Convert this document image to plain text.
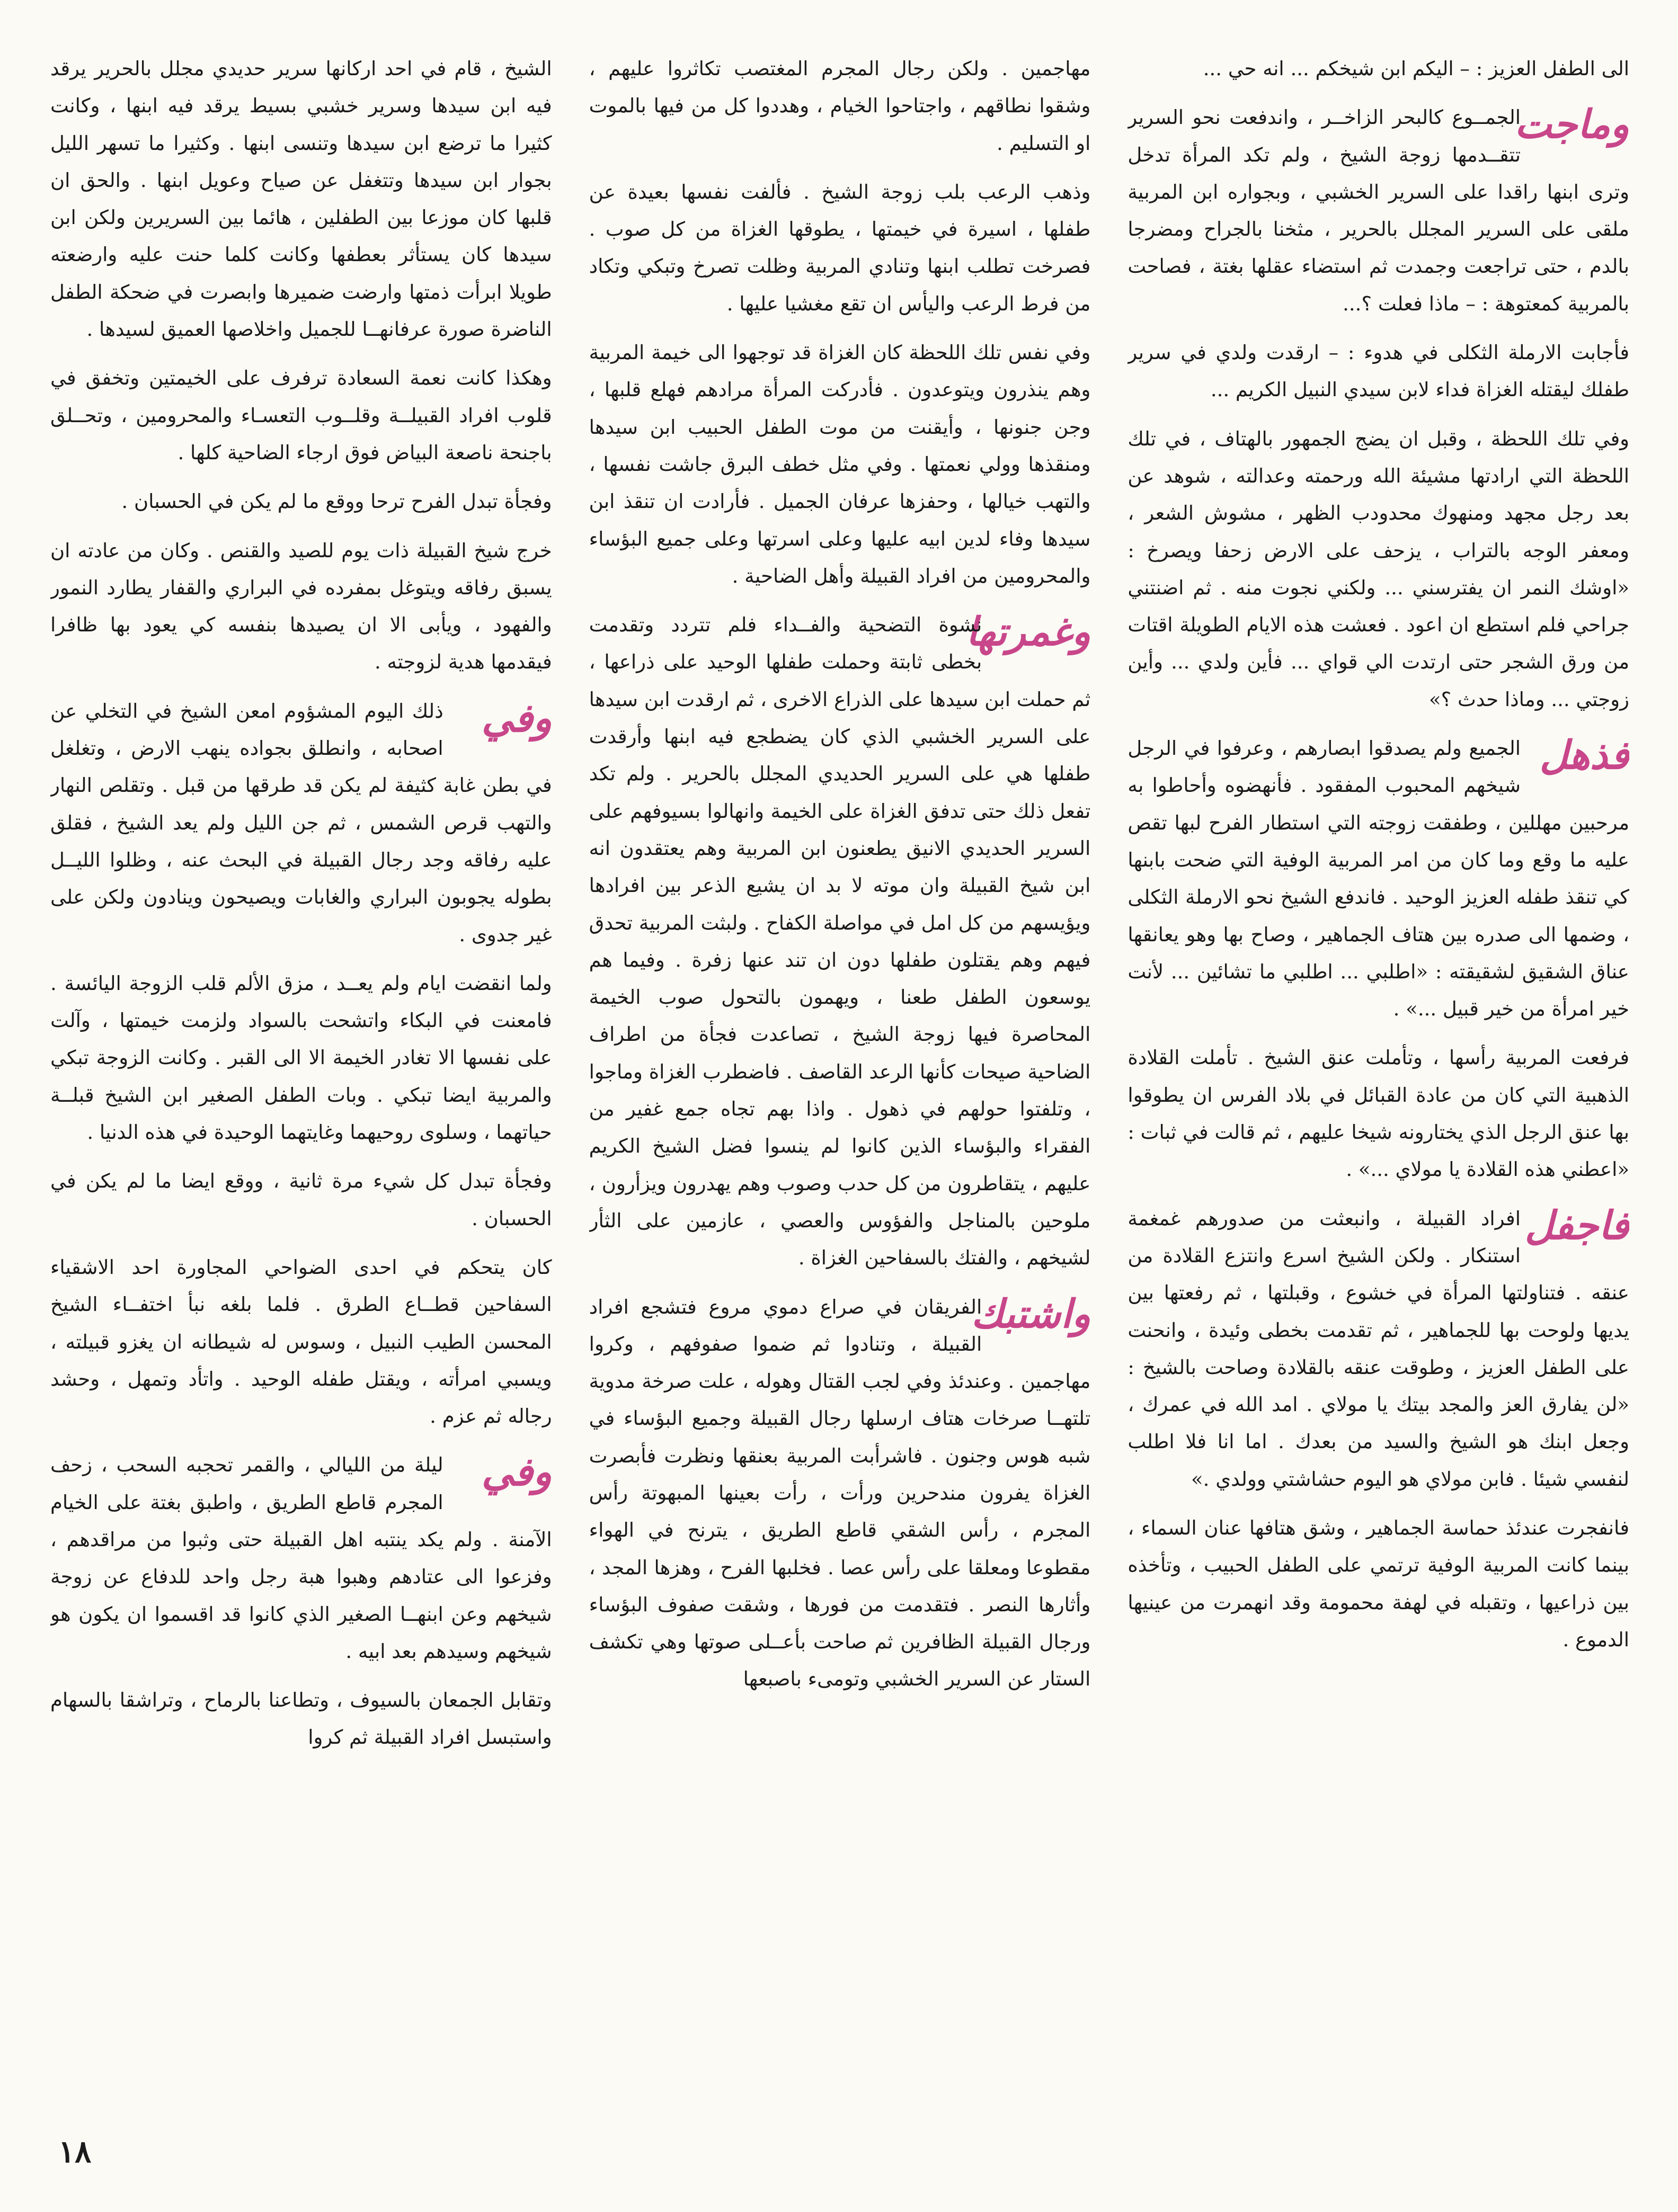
الشيخ ، قام في احد اركانها سرير حديدي مجلل بالحرير يرقد فيه ابن سيدها وسرير خشبي بسيط يرقد فيه ابنها ، وكانت كثيرا ما ترضع ابن سيدها وتنسى ابنها . وكثيرا ما تسهر الليل بجوار ابن سيدها وتتغفل عن صياح وعويل ابنها . والحق ان قلبها كان موزعا بين الطفلين ، هائما بين السريرين ولكن ابن سيدها كان يستأثر بعطفها وكانت كلما حنت عليه وارضعته طويلا ابرأت ذمتها وارضت ضميرها وابصرت في ضحكة الطفل الناضرة صورة عرفانهــا للجميل واخلاصها العميق لسيدها .

وهكذا كانت نعمة السعادة ترفرف على الخيمتين وتخفق في قلوب افراد القبيلــة وقلــوب التعسـاء والمحرومين ، وتحــلق باجنحة ناصعة البياض فوق ارجاء الضاحية كلها .

وفجأة تبدل الفرح ترحا ووقع ما لم يكن في الحسبان .

خرج شيخ القبيلة ذات يوم للصيد والقنص . وكان من عادته ان يسبق رفاقه ويتوغل بمفرده في البراري والقفار يطارد النمور والفهود ، ويأبى الا ان يصيدها بنفسه كي يعود بها ظافرا فيقدمها هدية لزوجته .

وفي

ذلك اليوم المشؤوم امعن الشيخ في التخلي عن اصحابه ، وانطلق بجواده ينهب الارض ، وتغلغل في بطن غابة كثيفة لم يكن قد طرقها من قبل . وتقلص النهار والتهب قرص الشمس ، ثم جن الليل ولم يعد الشيخ ، فقلق عليه رفاقه وجد رجال القبيلة في البحث عنه ، وظلوا الليــل بطوله يجوبون البراري والغابات ويصيحون وينادون ولكن على غير جدوى .

ولما انقضت ايام ولم يعــد ، مزق الألم قلب الزوجة اليائسة . فامعنت في البكاء واتشحت بالسواد ولزمت خيمتها ، وآلت على نفسها الا تغادر الخيمة الا الى القبر . وكانت الزوجة تبكي والمربية ايضا تبكي . وبات الطفل الصغير ابن الشيخ قبلــة حياتهما ، وسلوى روحيهما وغايتهما الوحيدة في هذه الدنيا .

وفجأة تبدل كل شيء مرة ثانية ، ووقع ايضا ما لم يكن في الحسبان .

كان يتحكم في احدى الضواحي المجاورة احد الاشقياء السفاحين قطــاع الطرق . فلما بلغه نبأ اختفــاء الشيخ المحسن الطيب النبيل ، وسوس له شيطانه ان يغزو قبيلته ، ويسبي امرأته ، ويقتل طفله الوحيد . واتأد وتمهل ، وحشد رجاله ثم عزم .

وفي

ليلة من الليالي ، والقمر تحجبه السحب ، زحف المجرم قاطع الطريق ، واطبق بغتة على الخيام الآمنة . ولم يكد ينتبه اهل القبيلة حتى وثبوا من مراقدهم ، وفزعوا الى عتادهم وهبوا هبة رجل واحد للدفاع عن زوجة شيخهم وعن ابنهــا الصغير الذي كانوا قد اقسموا ان يكون هو شيخهم وسيدهم بعد ابيه .

وتقابل الجمعان بالسيوف ، وتطاعنا بالرماح ، وتراشقا بالسهام واستبسل افراد القبيلة ثم كروا

مهاجمين . ولكن رجال المجرم المغتصب تكاثروا عليهم ، وشقوا نطاقهم ، واجتاحوا الخيام ، وهددوا كل من فيها بالموت او التسليم .

وذهب الرعب بلب زوجة الشيخ . فألفت نفسها بعيدة عن طفلها ، اسيرة في خيمتها ، يطوقها الغزاة من كل صوب . فصرخت تطلب ابنها وتنادي المربية وظلت تصرخ وتبكي وتكاد من فرط الرعب واليأس ان تقع مغشيا عليها .

وفي نفس تلك اللحظة كان الغزاة قد توجهوا الى خيمة المربية وهم ينذرون ويتوعدون . فأدركت المرأة مرادهم فهلع قلبها ، وجن جنونها ، وأيقنت من موت الطفل الحبيب ابن سيدها ومنقذها وولي نعمتها . وفي مثل خطف البرق جاشت نفسها ، والتهب خيالها ، وحفزها عرفان الجميل . فأرادت ان تنقذ ابن سيدها وفاء لدين ابيه عليها وعلى اسرتها وعلى جميع البؤساء والمحرومين من افراد القبيلة وأهل الضاحية .

وغمرتها

نشوة التضحية والفــداء فلم تتردد وتقدمت بخطى ثابتة وحملت طفلها الوحيد على ذراعها ، ثم حملت ابن سيدها على الذراع الاخرى ، ثم ارقدت ابن سيدها على السرير الخشبي الذي كان يضطجع فيه ابنها وأرقدت طفلها هي على السرير الحديدي المجلل بالحرير . ولم تكد تفعل ذلك حتى تدفق الغزاة على الخيمة وانهالوا بسيوفهم على السرير الحديدي الانيق يطعنون ابن المربية وهم يعتقدون انه ابن شيخ القبيلة وان موته لا بد ان يشيع الذعر بين افرادها ويؤيسهم من كل امل في مواصلة الكفاح . ولبثت المربية تحدق فيهم وهم يقتلون طفلها دون ان تند عنها زفرة . وفيما هم يوسعون الطفل طعنا ، ويهمون بالتحول صوب الخيمة المحاصرة فيها زوجة الشيخ ، تصاعدت فجأة من اطراف الضاحية صيحات كأنها الرعد القاصف . فاضطرب الغزاة وماجوا ، وتلفتوا حولهم في ذهول . واذا بهم تجاه جمع غفير من الفقراء والبؤساء الذين كانوا لم ينسوا فضل الشيخ الكريم عليهم ، يتقاطرون من كل حدب وصوب وهم يهدرون ويزأرون ، ملوحين بالمناجل والفؤوس والعصي ، عازمين على الثأر لشيخهم ، والفتك بالسفاحين الغزاة .

واشتبك

الفريقان في صراع دموي مروع فتشجع افراد القبيلة ، وتنادوا ثم ضموا صفوفهم ، وكروا مهاجمين . وعندئذ وفي لجب القتال وهوله ، علت صرخة مدوية تلتهــا صرخات هتاف ارسلها رجال القبيلة وجميع البؤساء في شبه هوس وجنون . فاشرأبت المربية بعنقها ونظرت فأبصرت الغزاة يفرون مندحرين ورأت ، رأت بعينها المبهوتة رأس المجرم ، رأس الشقي قاطع الطريق ، يترنح في الهواء مقطوعا ومعلقا على رأس عصا . فخلبها الفرح ، وهزها المجد ، وأثارها النصر . فتقدمت من فورها ، وشقت صفوف البؤساء ورجال القبيلة الظافرين ثم صاحت بأعــلى صوتها وهي تكشف الستار عن السرير الخشبي وتومىء باصبعها

الى الطفل العزيز : – اليكم ابن شيخكم ... انه حي ...

وماجت

الجمــوع كالبحر الزاخــر ، واندفعت نحو السرير تتقــدمها زوجة الشيخ ، ولم تكد المرأة تدخل وترى ابنها راقدا على السرير الخشبي ، وبجواره ابن المربية ملقى على السرير المجلل بالحرير ، مثخنا بالجراح ومضرجا بالدم ، حتى تراجعت وجمدت ثم استضاء عقلها بغتة ، فصاحت بالمربية كمعتوهة : – ماذا فعلت ؟...

فأجابت الارملة الثكلى في هدوء : – ارقدت ولدي في سرير طفلك ليقتله الغزاة فداء لابن سيدي النبيل الكريم ...

وفي تلك اللحظة ، وقبل ان يضج الجمهور بالهتاف ، في تلك اللحظة التي ارادتها مشيئة الله ورحمته وعدالته ، شوهد عن بعد رجل مجهد ومنهوك محدودب الظهر ، مشوش الشعر ، ومعفر الوجه بالتراب ، يزحف على الارض زحفا ويصرخ : «اوشك النمر ان يفترسني ... ولكني نجوت منه . ثم اضنتني جراحي فلم استطع ان اعود . فعشت هذه الايام الطويلة اقتات من ورق الشجر حتى ارتدت الي قواي ... فأين ولدي ... وأين زوجتي ... وماذا حدث ؟»

فذهل

الجميع ولم يصدقوا ابصارهم ، وعرفوا في الرجل شيخهم المحبوب المفقود . فأنهضوه وأحاطوا به مرحبين مهللين ، وطفقت زوجته التي استطار الفرح لبها تقص عليه ما وقع وما كان من امر المربية الوفية التي ضحت بابنها كي تنقذ طفله العزيز الوحيد . فاندفع الشيخ نحو الارملة الثكلى ، وضمها الى صدره بين هتاف الجماهير ، وصاح بها وهو يعانقها عناق الشقيق لشقيقته : «اطلبي ... اطلبي ما تشائين ... لأنت خير امرأة من خير قبيل ...» .

فرفعت المربية رأسها ، وتأملت عنق الشيخ . تأملت القلادة الذهبية التي كان من عادة القبائل في بلاد الفرس ان يطوقوا بها عنق الرجل الذي يختارونه شيخا عليهم ، ثم قالت في ثبات : «اعطني هذه القلادة يا مولاي ...» .

فاجفل

افراد القبيلة ، وانبعثت من صدورهم غمغمة استنكار . ولكن الشيخ اسرع وانتزع القلادة من عنقه . فتناولتها المرأة في خشوع ، وقبلتها ، ثم رفعتها بين يديها ولوحت بها للجماهير ، ثم تقدمت بخطى وئيدة ، وانحنت على الطفل العزيز ، وطوقت عنقه بالقلادة وصاحت بالشيخ : «لن يفارق العز والمجد بيتك يا مولاي . امد الله في عمرك ، وجعل ابنك هو الشيخ والسيد من بعدك . اما انا فلا اطلب لنفسي شيئا . فابن مولاي هو اليوم حشاشتي وولدي .»

فانفجرت عندئذ حماسة الجماهير ، وشق هتافها عنان السماء ، بينما كانت المربية الوفية ترتمي على الطفل الحبيب ، وتأخذه بين ذراعيها ، وتقبله في لهفة محمومة وقد انهمرت من عينيها الدموع .

١٨
